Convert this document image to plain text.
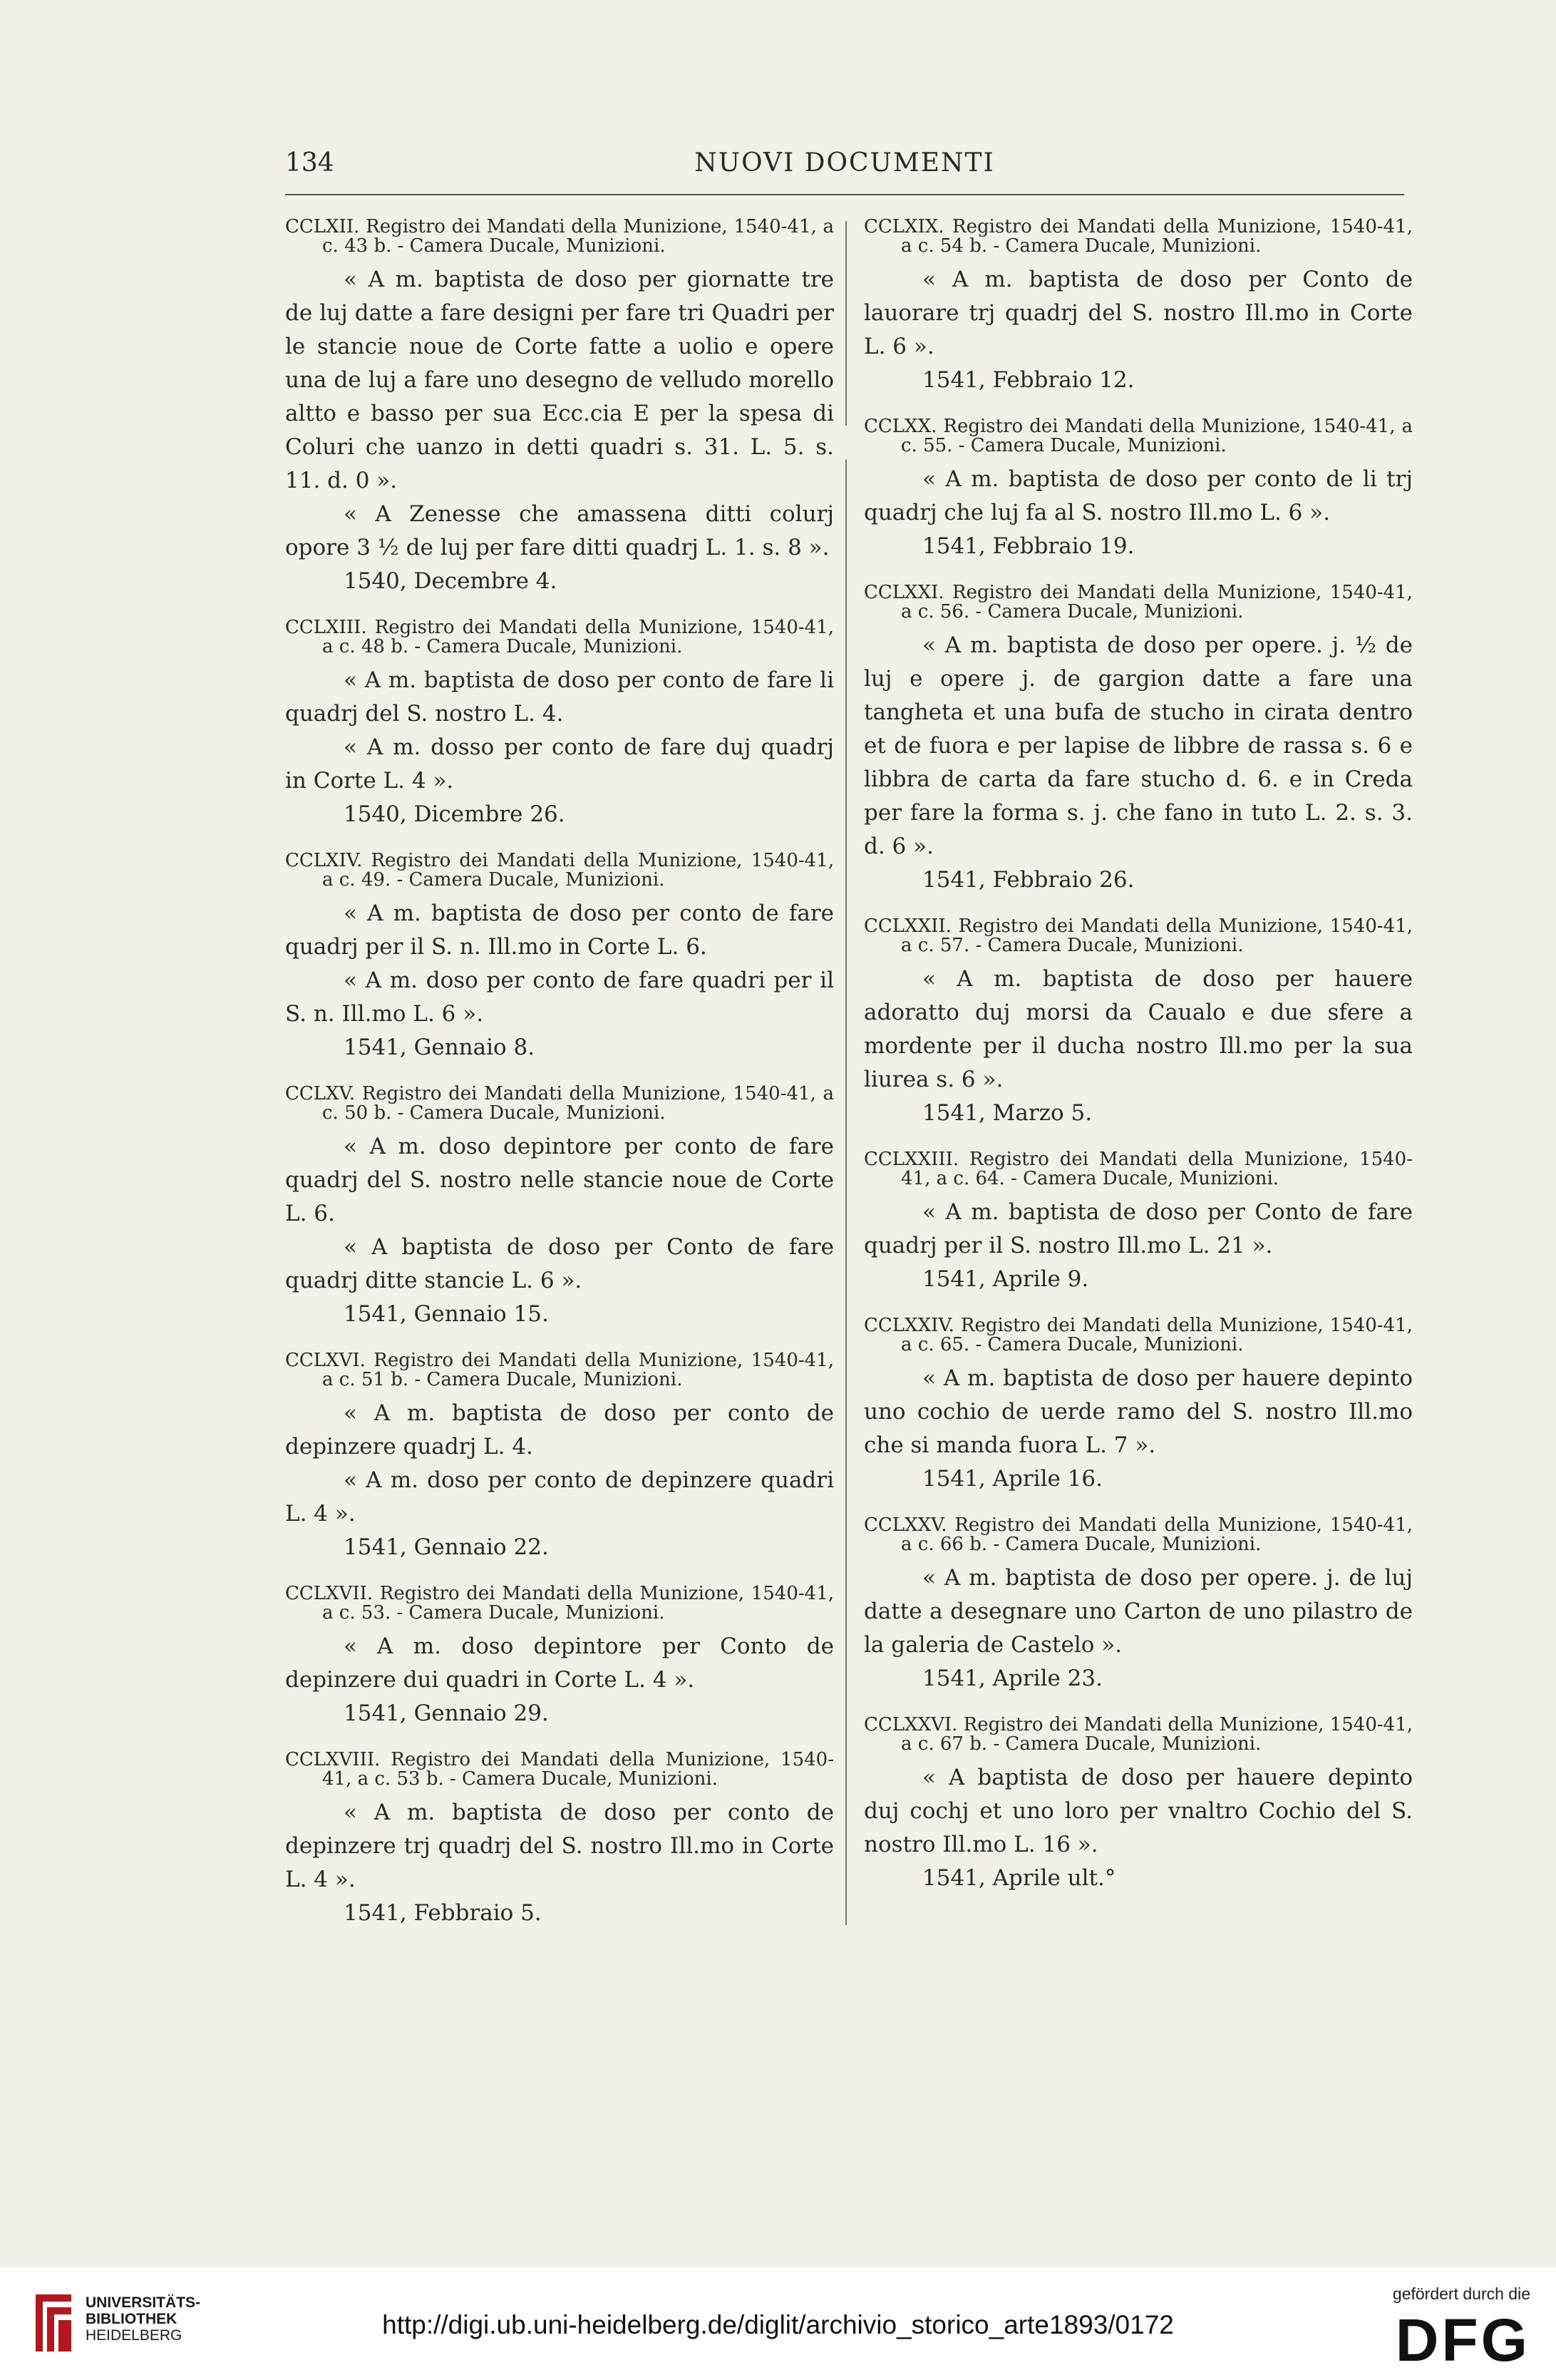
134	NUOVI DOCUMENTI
CCLXII. Registro dei Mandati della Munizione, 1540-41, a c. 43 b. - Camera Ducale, Munizioni.

« A m. baptista de doso per giornatte tre de luj datte a fare designi per fare tri Quadri per le stancie noue de Corte fatte a uolio e opere una de luj a fare uno desegno de velludo morello altto e basso per sua Ecc.cia E per la spesa di Coluri che uanzo in detti quadri s. 31. L. 5. s. 11. d. 0 ».

« A Zenesse che amassena ditti colurj opore 3 ½ de luj per fare ditti quadrj L. 1. s. 8 ».

1540, Decembre 4.

CCLXIII. Registro dei Mandati della Munizione, 1540-41, a c. 48 b. - Camera Ducale, Munizioni.

« A m. baptista de doso per conto de fare li quadrj del S. nostro L. 4.

« A m. dosso per conto de fare duj quadrj in Corte L. 4 ».

1540, Dicembre 26.

CCLXIV. Registro dei Mandati della Munizione, 1540-41, a c. 49. - Camera Ducale, Munizioni.

« A m. baptista de doso per conto de fare quadrj per il S. n. Ill.mo in Corte L. 6.

« A m. doso per conto de fare quadri per il S. n. Ill.mo L. 6 ».

1541, Gennaio 8.

CCLXV. Registro dei Mandati della Munizione, 1540-41, a c. 50 b. - Camera Ducale, Munizioni.

« A m. doso depintore per conto de fare quadrj del S. nostro nelle stancie noue de Corte L. 6.

« A baptista de doso per Conto de fare quadrj ditte stancie L. 6 ».

1541, Gennaio 15.

CCLXVI. Registro dei Mandati della Munizione, 1540-41, a c. 51 b. - Camera Ducale, Munizioni.

« A m. baptista de doso per conto de depinzere quadrj L. 4.

« A m. doso per conto de depinzere quadri L. 4 ».

1541, Gennaio 22.

CCLXVII. Registro dei Mandati della Munizione, 1540-41, a c. 53. - Camera Ducale, Munizioni.

« A m. doso depintore per Conto de depinzere dui quadri in Corte L. 4 ».

1541, Gennaio 29.

CCLXVIII. Registro dei Mandati della Munizione, 1540-41, a c. 53 b. - Camera Ducale, Munizioni.

« A m. baptista de doso per conto de depinzere trj quadrj del S. nostro Ill.mo in Corte L. 4 ».

1541, Febbraio 5.

CCLXIX. Registro dei Mandati della Munizione, 1540-41, a c. 54 b. - Camera Ducale, Munizioni.

« A m. baptista de doso per Conto de lauorare trj quadrj del S. nostro Ill.mo in Corte L. 6 ».

1541, Febbraio 12.

CCLXX. Registro dei Mandati della Munizione, 1540-41, a c. 55. - Camera Ducale, Munizioni.

« A m. baptista de doso per conto de li trj quadrj che luj fa al S. nostro Ill.mo L. 6 ».

1541, Febbraio 19.

CCLXXI. Registro dei Mandati della Munizione, 1540-41, a c. 56. - Camera Ducale, Munizioni.

« A m. baptista de doso per opere. j. ½ de luj e opere j. de gargion datte a fare una tangheta et una bufa de stucho in cirata dentro et de fuora e per lapise de libbre de rassa s. 6 e libbra de carta da fare stucho d. 6. e in Creda per fare la forma s. j. che fano in tuto L. 2. s. 3. d. 6 ».

1541, Febbraio 26.

CCLXXII. Registro dei Mandati della Munizione, 1540-41, a c. 57. - Camera Ducale, Munizioni.

« A m. baptista de doso per hauere adoratto duj morsi da Caualo e due sfere a mordente per il ducha nostro Ill.mo per la sua liurea s. 6 ».

1541, Marzo 5.

CCLXXIII. Registro dei Mandati della Munizione, 1540-41, a c. 64. - Camera Ducale, Munizioni.

« A m. baptista de doso per Conto de fare quadrj per il S. nostro Ill.mo L. 21 ».

1541, Aprile 9.

CCLXXIV. Registro dei Mandati della Munizione, 1540-41, a c. 65. - Camera Ducale, Munizioni.

« A m. baptista de doso per hauere depinto uno cochio de uerde ramo del S. nostro Ill.mo che si manda fuora L. 7 ».

1541, Aprile 16.

CCLXXV. Registro dei Mandati della Munizione, 1540-41, a c. 66 b. - Camera Ducale, Munizioni.

« A m. baptista de doso per opere. j. de luj datte a desegnare uno Carton de uno pilastro de la galeria de Castelo ».

1541, Aprile 23.

CCLXXVI. Registro dei Mandati della Munizione, 1540-41, a c. 67 b. - Camera Ducale, Munizioni.

« A baptista de doso per hauere depinto duj cochj et uno loro per vnaltro Cochio del S. nostro Ill.mo L. 16 ».

1541, Aprile ult.°

UNIVERSITÄTS-
BIBLIOTHEK
HEIDELBERG	http://digi.ub.uni-heidelberg.de/diglit/archivio_storico_arte1893/0172
gefördert durch die
DFG
